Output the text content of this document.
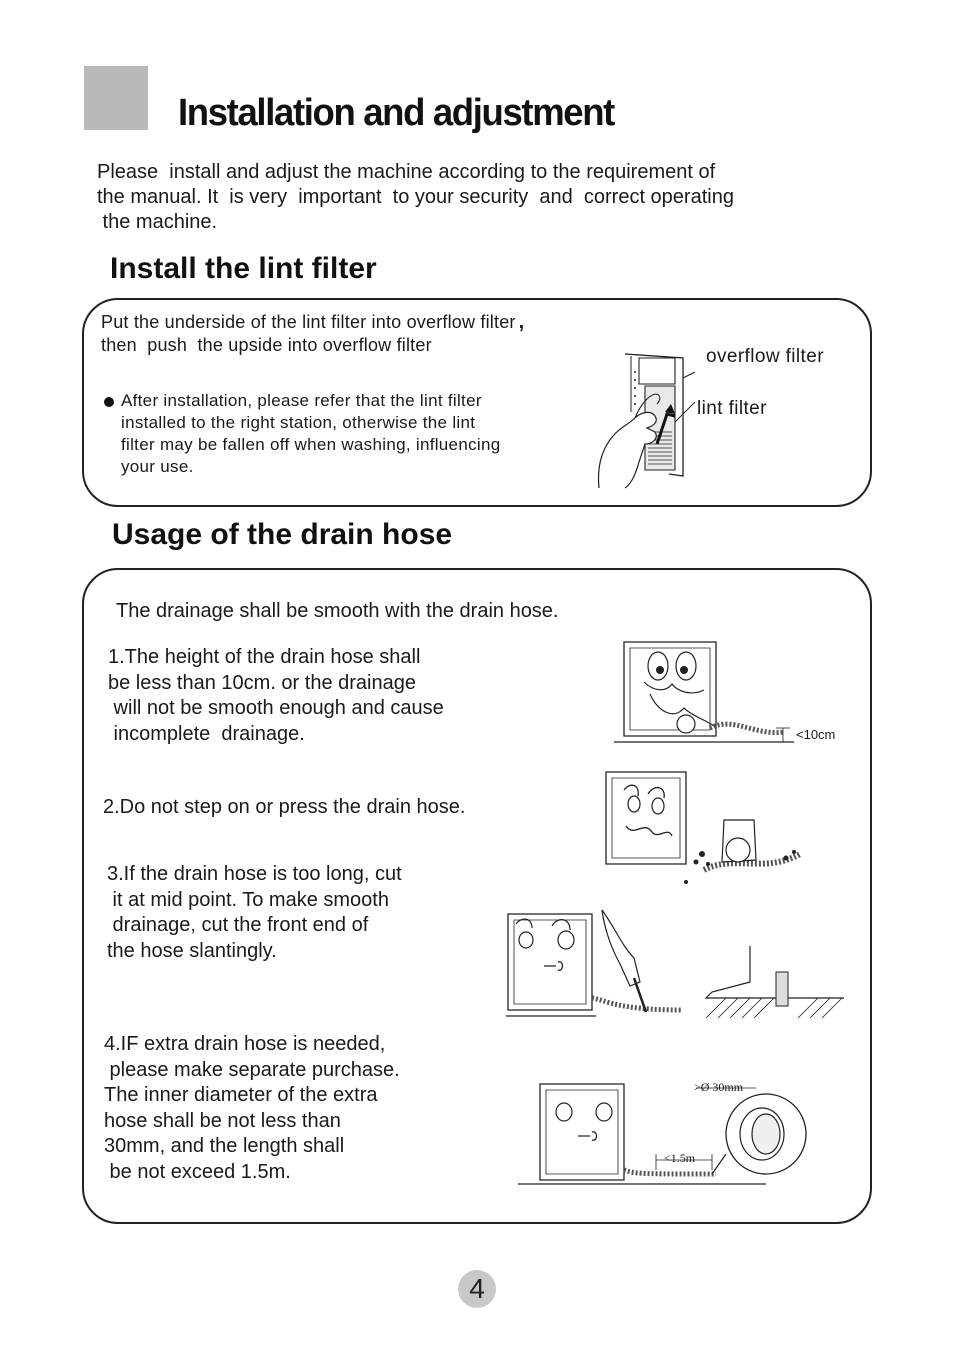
Installation and adjustment
Please  install and adjust the machine according to the requirement of
the manual. It  is very  important  to your security  and  correct operating
the machine.
Install the lint filter
Put the underside of the lint filter into overflow filter ,
then  push  the upside into overflow filter
After installation, please refer that the lint filter
installed to the right station, otherwise the lint
filter may be fallen off when washing, influencing
your use.
overflow filter
lint filter
Usage of the drain hose
The drainage shall be smooth with the drain hose.
1.The height of the drain hose shall
be less than 10cm. or the drainage
will not be smooth enough and cause
incomplete  drainage.	<10cm
2.Do not step on or press the drain hose.
3.If the drain hose is too long, cut
it at mid point. To make smooth
drainage, cut the front end of
the hose slantingly.
4.IF extra drain hose is needed,
please make separate purchase.
The inner diameter of the extra
hose shall be not less than
30mm, and the length shall
be not exceed 1.5m.
>Ø 30mm
<1.5m
4
